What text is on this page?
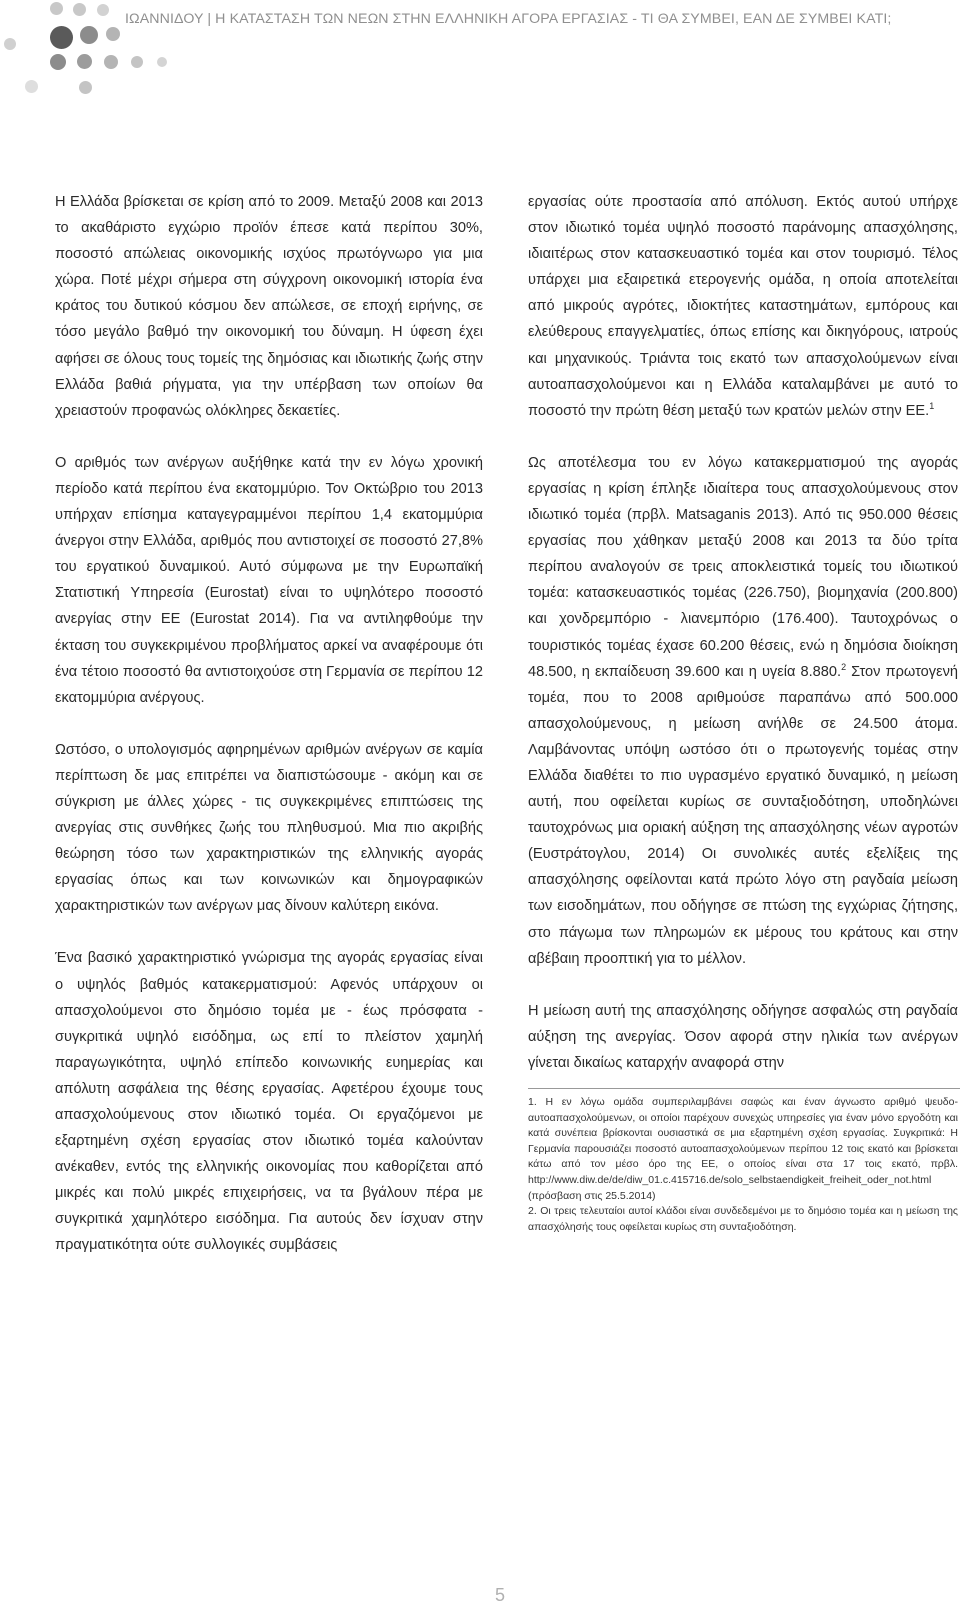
ΙΩΑΝΝΙΔΟΥ | Η ΚΑΤΑΣΤΑΣΗ ΤΩΝ ΝΕΩΝ ΣΤΗΝ ΕΛΛΗΝΙΚΗ ΑΓΟΡΑ ΕΡΓΑΣΙΑΣ - ΤΙ ΘΑ ΣΥΜΒΕΙ, ΕΑΝ ΔΕ ΣΥΜΒΕΙ ΚΑΤΙ;

Η Ελλάδα βρίσκεται σε κρίση από το 2009. Μεταξύ 2008 και 2013 το ακαθάριστο εγχώριο προϊόν έπεσε κατά περίπου 30%, ποσοστό απώλειας οικονομικής ισχύος πρωτόγνωρο για μια χώρα. Ποτέ μέχρι σήμερα στη σύγχρονη οικονομική ιστορία ένα κράτος του δυτικού κόσμου δεν απώλεσε, σε εποχή ειρήνης, σε τόσο μεγάλο βαθμό την οικονομική του δύναμη. Η ύφεση έχει αφήσει σε όλους τους τομείς της δημόσιας και ιδιωτικής ζωής στην Ελλάδα βαθιά ρήγματα, για την υπέρβαση των οποίων θα χρειαστούν προφανώς ολόκληρες δεκαετίες.

Ο αριθμός των ανέργων αυξήθηκε κατά την εν λόγω χρονική περίοδο κατά περίπου ένα εκατομμύριο. Τον Οκτώβριο του 2013 υπήρχαν επίσημα καταγεγραμμένοι περίπου 1,4 εκατομμύρια άνεργοι στην Ελλάδα, αριθμός που αντιστοιχεί σε ποσοστό 27,8% του εργατικού δυναμικού. Αυτό σύμφωνα με την Ευρωπαϊκή Στατιστική Υπηρεσία (Eurostat) είναι το υψηλότερο ποσοστό ανεργίας στην ΕΕ (Eurostat 2014). Για να αντιληφθούμε την έκταση του συγκεκριμένου προβλήματος αρκεί να αναφέρουμε ότι ένα τέτοιο ποσοστό θα αντιστοιχούσε στη Γερμανία σε περίπου 12 εκατομμύρια ανέργους.

Ωστόσο, ο υπολογισμός αφηρημένων αριθμών ανέργων σε καμία περίπτωση δε μας επιτρέπει να διαπιστώσουμε - ακόμη και σε σύγκριση με άλλες χώρες - τις συγκεκριμένες επιπτώσεις της ανεργίας στις συνθήκες ζωής του πληθυσμού. Μια πιο ακριβής θεώρηση τόσο των χαρακτηριστικών της ελληνικής αγοράς εργασίας όπως και των κοινωνικών και δημογραφικών χαρακτηριστικών των ανέργων μας δίνουν καλύτερη εικόνα.

Ένα βασικό χαρακτηριστικό γνώρισμα της αγοράς εργασίας είναι ο υψηλός βαθμός κατακερματισμού: Αφενός υπάρχουν οι απασχολούμενοι στο δημόσιο τομέα με - έως πρόσφατα - συγκριτικά υψηλό εισόδημα, ως επί το πλείστον χαμηλή παραγωγικότητα, υψηλό επίπεδο κοινωνικής ευημερίας και απόλυτη ασφάλεια της θέσης εργασίας. Αφετέρου έχουμε τους απασχολούμενους στον ιδιωτικό τομέα. Οι εργαζόμενοι με εξαρτημένη σχέση εργασίας στον ιδιωτικό τομέα καλούνταν ανέκαθεν, εντός της ελληνικής οικονομίας που καθορίζεται από μικρές και πολύ μικρές επιχειρήσεις, να τα βγάλουν πέρα με συγκριτικά χαμηλότερο εισόδημα. Για αυτούς δεν ίσχυαν στην πραγματικότητα ούτε συλλογικές συμβάσεις

εργασίας ούτε προστασία από απόλυση. Εκτός αυτού υπήρχε στον ιδιωτικό τομέα υψηλό ποσοστό παράνομης απασχόλησης, ιδιαιτέρως στον κατασκευαστικό τομέα και στον τουρισμό. Τέλος υπάρχει μια εξαιρετικά ετερογενής ομάδα, η οποία αποτελείται από μικρούς αγρότες, ιδιοκτήτες καταστημάτων, εμπόρους και ελεύθερους επαγγελματίες, όπως επίσης και δικηγόρους, ιατρούς και μηχανικούς. Τριάντα τοις εκατό των απασχολούμενων είναι αυτοαπασχολούμενοι και η Ελλάδα καταλαμβάνει με αυτό το ποσοστό την πρώτη θέση μεταξύ των κρατών μελών στην ΕΕ.$^1$

Ως αποτέλεσμα του εν λόγω κατακερματισμού της αγοράς εργασίας η κρίση έπληξε ιδιαίτερα τους απασχολούμενους στον ιδιωτικό τομέα (πρβλ. Matsaganis 2013). Από τις 950.000 θέσεις εργασίας που χάθηκαν μεταξύ 2008 και 2013 τα δύο τρίτα περίπου αναλογούν σε τρεις αποκλειστικά τομείς του ιδιωτικού τομέα: κατασκευαστικός τομέας (226.750), βιομηχανία (200.800) και χονδρεμπόριο - λιανεμπόριο (176.400). Ταυτοχρόνως ο τουριστικός τομέας έχασε 60.200 θέσεις, ενώ η δημόσια διοίκηση 48.500, η εκπαίδευση 39.600 και η υγεία 8.880.$^2$ Στον πρωτογενή τομέα, που το 2008 αριθμούσε παραπάνω από 500.000 απασχολούμενους, η μείωση ανήλθε σε 24.500 άτομα. Λαμβάνοντας υπόψη ωστόσο ότι ο πρωτογενής τομέας στην Ελλάδα διαθέτει το πιο υγρασμένο εργατικό δυναμικό, η μείωση αυτή, που οφείλεται κυρίως σε συνταξιοδότηση, υποδηλώνει ταυτοχρόνως μια οριακή αύξηση της απασχόλησης νέων αγροτών (Ευστράτογλου, 2014) Οι συνολικές αυτές εξελίξεις της απασχόλησης οφείλονται κατά πρώτο λόγο στη ραγδαία μείωση των εισοδημάτων, που οδήγησε σε πτώση της εγχώριας ζήτησης, στο πάγωμα των πληρωμών εκ μέρους του κράτους και στην αβέβαιη προοπτική για το μέλλον.

Η μείωση αυτή της απασχόλησης οδήγησε ασφαλώς στη ραγδαία αύξηση της ανεργίας. Όσον αφορά στην ηλικία των ανέργων γίνεται δικαίως καταρχήν αναφορά στην

1. Η εν λόγω ομάδα συμπεριλαμβάνει σαφώς και έναν άγνωστο αριθμό ψευδο-αυτοαπασχολούμενων, οι οποίοι παρέχουν συνεχώς υπηρεσίες για έναν μόνο εργοδότη και κατά συνέπεια βρίσκονται ουσιαστικά σε μια εξαρτημένη σχέση εργασίας. Συγκριτικά: Η Γερμανία παρουσιάζει ποσοστό αυτοαπασχολούμενων περίπου 12 τοις εκατό και βρίσκεται κάτω από τον μέσο όρο της ΕΕ, ο οποίος είναι στα 17 τοις εκατό, πρβλ. http://www.diw.de/de/diw_01.c.415716.de/solo_selbstaendigkeit_freiheit_oder_not.html (πρόσβαση στις 25.5.2014)
2. Οι τρεις τελευταίοι αυτοί κλάδοι είναι συνδεδεμένοι με το δημόσιο τομέα και η μείωση της απασχόλησής τους οφείλεται κυρίως στη συνταξιοδότηση.
5
